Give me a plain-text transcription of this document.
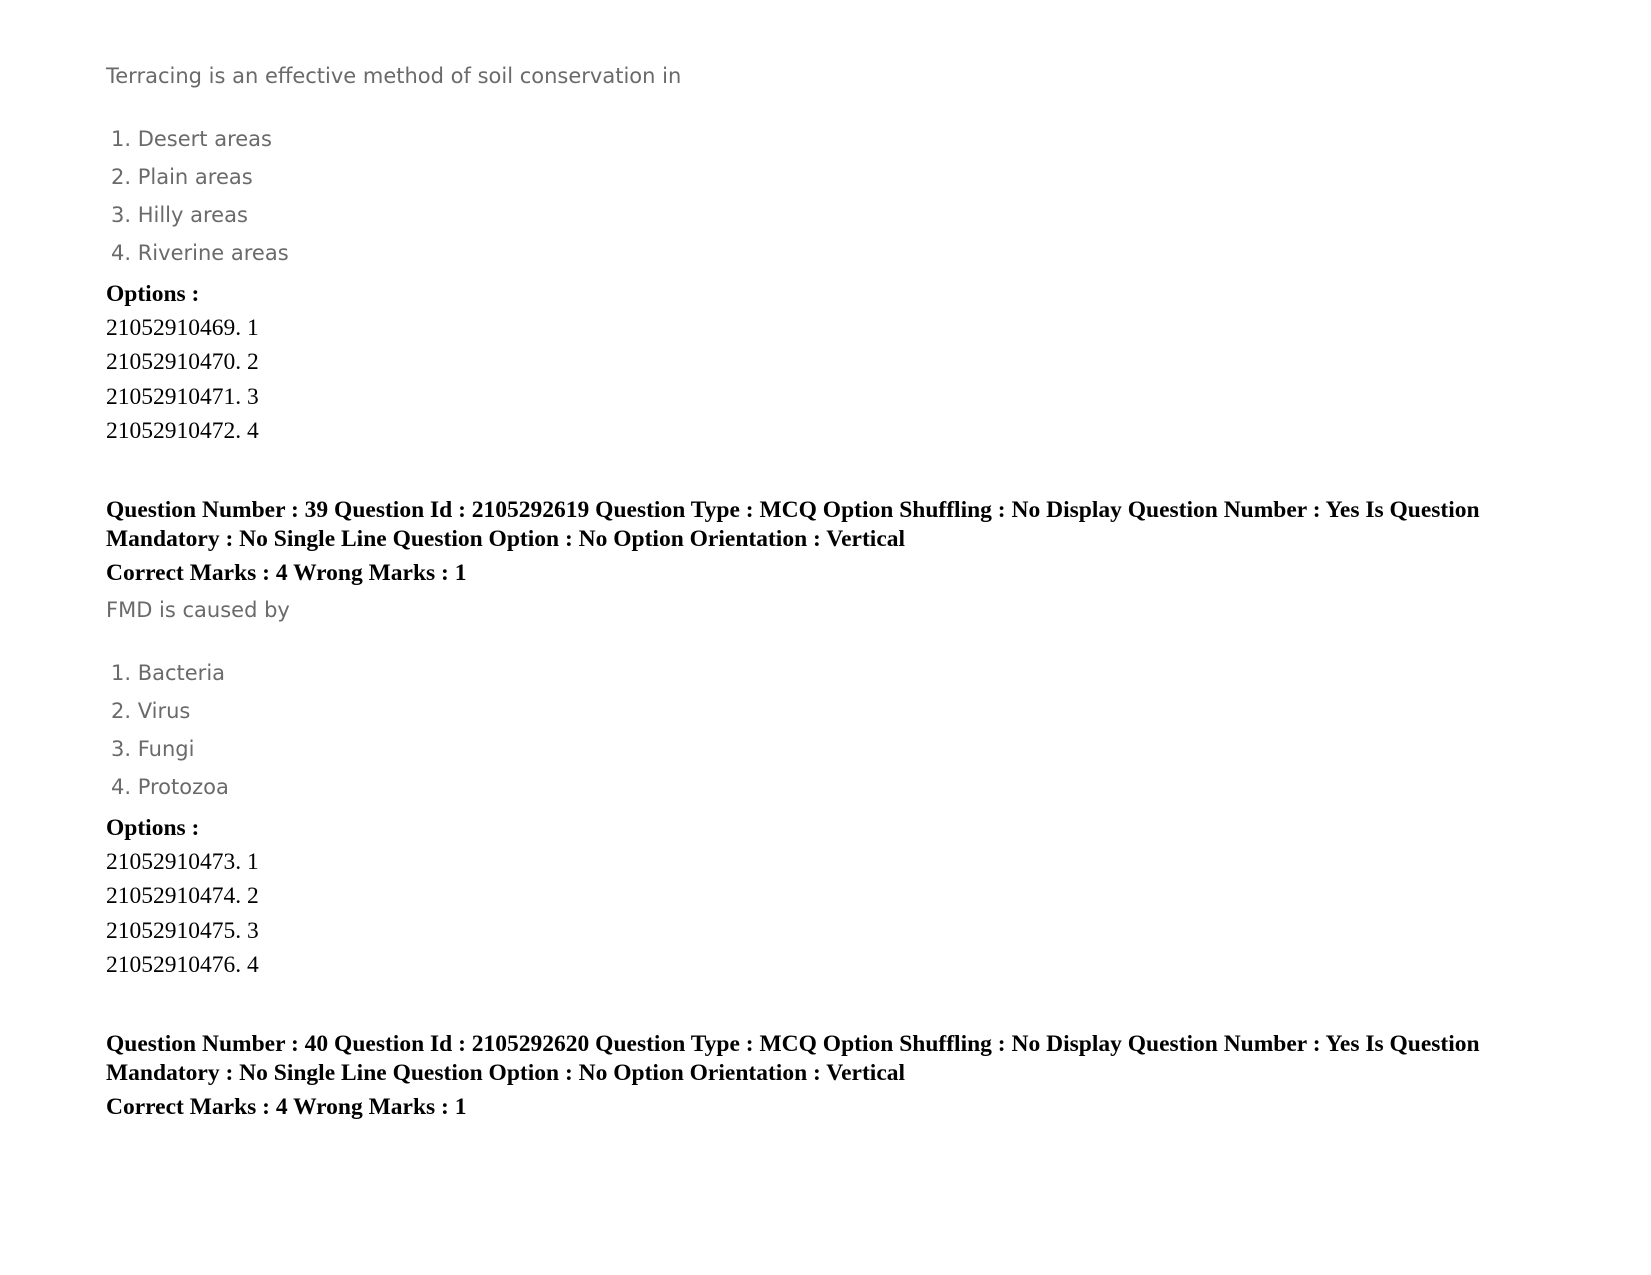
Terracing is an effective method of soil conservation in
1. Desert areas
2. Plain areas
3. Hilly areas
4. Riverine areas
Options :
21052910469. 1
21052910470. 2
21052910471. 3
21052910472. 4
Question Number : 39 Question Id : 2105292619 Question Type : MCQ Option Shuffling : No Display Question Number : Yes Is Question Mandatory : No Single Line Question Option : No Option Orientation : Vertical
Correct Marks : 4 Wrong Marks : 1
FMD is caused by
1. Bacteria
2. Virus
3. Fungi
4. Protozoa
Options :
21052910473. 1
21052910474. 2
21052910475. 3
21052910476. 4
Question Number : 40 Question Id : 2105292620 Question Type : MCQ Option Shuffling : No Display Question Number : Yes Is Question Mandatory : No Single Line Question Option : No Option Orientation : Vertical
Correct Marks : 4 Wrong Marks : 1
